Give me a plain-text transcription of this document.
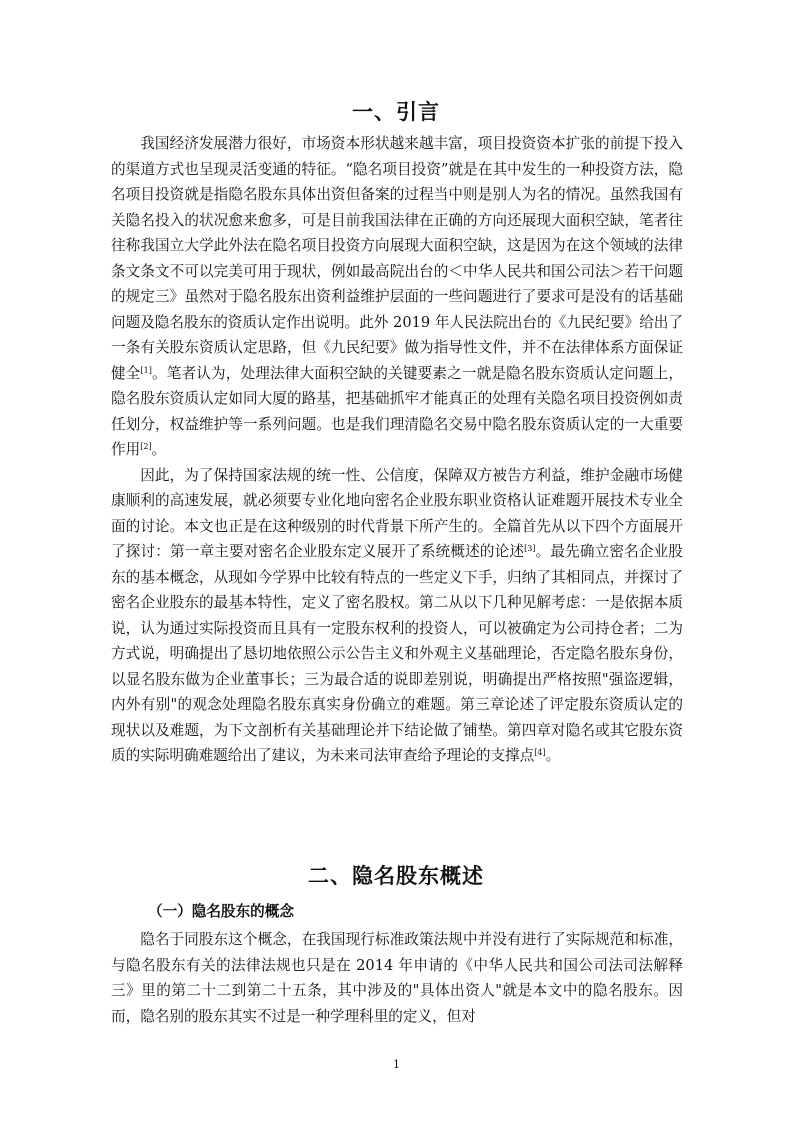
一、引言

我国经济发展潜力很好，市场资本形状越来越丰富，项目投资资本扩张的前提下投入的渠道方式也呈现灵活变通的特征。“隐名项目投资”就是在其中发生的一种投资方法，隐名项目投资就是指隐名股东具体出资但备案的过程当中则是别人为名的情况。虽然我国有关隐名投入的状况愈来愈多，可是目前我国法律在正确的方向还展现大面积空缺，笔者往往称我国立大学此外法在隐名项目投资方向展现大面积空缺，这是因为在这个领域的法律条文条文不可以完美可用于现状，例如最高院出台的＜中华人民共和国公司法＞若干问题的规定三》虽然对于隐名股东出资利益维护层面的一些问题进行了要求可是没有的话基础问题及隐名股东的资质认定作出说明。此外 2019 年人民法院出台的《九民纪要》给出了一条有关股东资质认定思路，但《九民纪要》做为指导性文件，并不在法律体系方面保证健全[1]。笔者认为，处理法律大面积空缺的关键要素之一就是隐名股东资质认定问题上，隐名股东资质认定如同大厦的路基，把基础抓牢才能真正的处理有关隐名项目投资例如责任划分，权益维护等一系列问题。也是我们理清隐名交易中隐名股东资质认定的一大重要作用[2]。

因此，为了保持国家法规的统一性、公信度，保障双方被告方利益，维护金融市场健康顺利的高速发展，就必须要专业化地向密名企业股东职业资格认证难题开展技术专业全面的讨论。本文也正是在这种级别的时代背景下所产生的。全篇首先从以下四个方面展开了探讨：第一章主要对密名企业股东定义展开了系统概述的论述[3]。最先确立密名企业股东的基本概念，从现如今学界中比较有特点的一些定义下手，归纳了其相同点，并探讨了密名企业股东的最基本特性，定义了密名股权。第二从以下几种见解考虑：一是依据本质说，认为通过实际投资而且具有一定股东权利的投资人，可以被确定为公司持仓者；二为方式说，明确提出了恳切地依照公示公告主义和外观主义基础理论，否定隐名股东身份，以显名股东做为企业董事长；三为最合适的说即差别说，明确提出严格按照"强盗逻辑，内外有别"的观念处理隐名股东真实身份确立的难题。第三章论述了评定股东资质认定的现状以及难题，为下文剖析有关基础理论并下结论做了铺垫。第四章对隐名或其它股东资质的实际明确难题给出了建议，为未来司法审查给予理论的支撑点[4]。

二、隐名股东概述
（一）隐名股东的概念

隐名于同股东这个概念，在我国现行标准政策法规中并没有进行了实际规范和标准，与隐名股东有关的法律法规也只是在 2014 年申请的《中华人民共和国公司法司法解释三》里的第二十二到第二十五条，其中涉及的"具体出资人"就是本文中的隐名股东。因而，隐名别的股东其实不过是一种学理科里的定义，但对

1
